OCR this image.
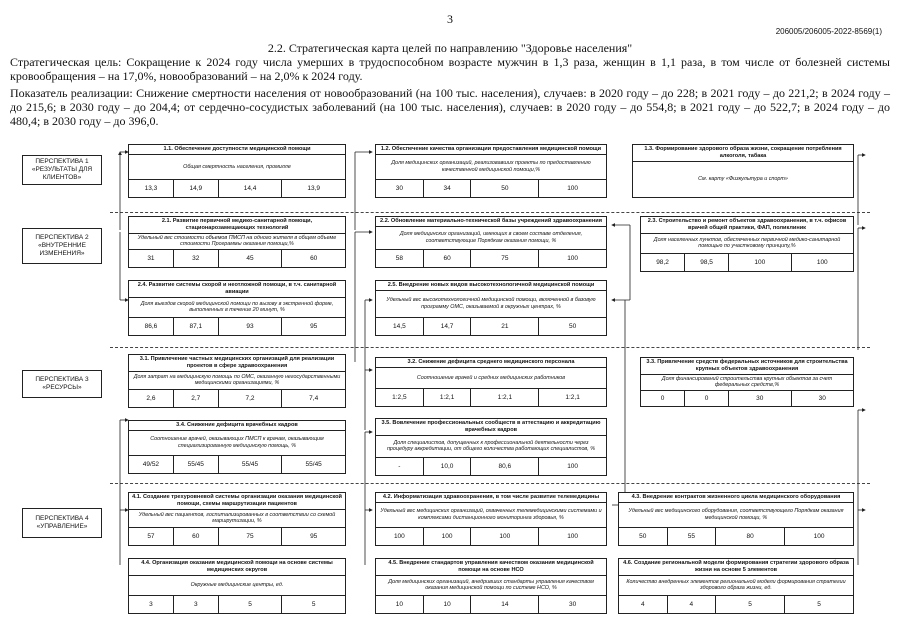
3
206005/206005-2022-8569(1)
2.2. Стратегическая карта целей по направлению "Здоровье населения"
Стратегическая цель: Сокращение к 2024 году числа умерших в трудоспособном возрасте мужчин в 1,3 раза, женщин в 1,1 раза, в том числе от болезней системы кровообращения – на 17,0%, новообразований – на 2,0% к 2024 году.
Показатель реализации: Снижение смертности населения от новообразований (на 100 тыс. населения), случаев: в 2020 году – до 228; в 2021 году – до 221,2; в 2024 году – до 215,6; в 2030 году – до 204,4; от сердечно-сосудистых заболеваний (на 100 тыс. населения), случаев: в 2020 году – до 554,8; в 2021 году – до 522,7; в 2024 году – до 480,4; в 2030 году – до 396,0.
ПЕРСПЕКТИВА 1 «РЕЗУЛЬТАТЫ ДЛЯ КЛИЕНТОВ»
ПЕРСПЕКТИВА 2 «ВНУТРЕННИЕ ИЗМЕНЕНИЯ»
ПЕРСПЕКТИВА 3 «РЕСУРСЫ»
ПЕРСПЕКТИВА 4 «УПРАВЛЕНИЕ»
1.1. Обеспечение доступности медицинской помощи
Общая смертность населения, промилле
13,3	14,9	14,4	13,9
1.2. Обеспечение качества организации предоставления медицинской помощи
Доля медицинских организаций, реализовавших проекты по предоставлению качественной медицинской помощи,%
30	34	50	100
1.3. Формирование здорового образа жизни, сокращение потребления алкоголя, табака
См. карту «Физкультура и спорт»
2.1. Развитие первичной медико-санитарной помощи, стационарозамещающих технологий
Удельный вес стоимости объемов ПМСП на одного жителя в общем объеме стоимости Программы оказания помощи,%
31	32	45	60
2.2. Обновление материально-технической базы учреждений здравоохранения
Доля медицинских организаций, имеющих в своем составе отделения, соответствующие Порядкам оказания помощи, %
58	60	75	100
2.3. Строительство и ремонт объектов здравоохранения, в т.ч. офисов врачей общей практики, ФАП, поликлиник
Доля населенных пунктов, обеспеченных первичной медико-санитарной помощью по участковому принципу,%
98,2	98,5	100	100
2.4. Развитие системы скорой и неотложной помощи, в т.ч. санитарной авиации
Доля выездов скорой медицинской помощи по вызову в экстренной форме, выполненных в течение 20 минут, %
86,6	87,1	93	95
2.5. Внедрение новых видов высокотехнологичной медицинской помощи
Удельный вес высокотехнологичной медицинской помощи, включенной в базовую программу ОМС, оказываемой в окружных центрах, %
14,5	14,7	21	50
3.1. Привлечение частных медицинских организаций для реализации проектов в сфере здравоохранения
Доля затрат на медицинскую помощь по ОМС, оказанную негосударственными медицинскими организациями, %
2,6	2,7	7,2	7,4
3.2. Снижение дефицита среднего медицинского персонала
Соотношение врачей и средних медицинских работников
1:2,5	1:2,1	1:2,1	1:2,1
3.3. Привлечение средств федеральных источников для строительства крупных объектов здравоохранения
Доля финансирований строительства крупных объектов за счет федеральных средств,%
0	0	30	30
3.4. Снижение дефицита врачебных кадров
Соотношение врачей, оказывающих ПМСП к врачам, оказывающим специализированную медицинскую помощь, %
49/52	55/45	55/45	55/45
3.5. Вовлечение профессиональных сообществ в аттестацию и аккредитацию врачебных кадров
Доля специалистов, допущенных к профессиональной деятельности через процедуру аккредитации, от общего количества работающих специалистов, %
-	10,0	80,6	100
4.1. Создание трехуровневой системы организации оказания медицинской помощи, схемы маршрутизации пациентов
Удельный вес пациентов, госпитализированных в соответствии со схемой маршрутизации, %
57	60	75	95
4.2. Информатизация здравоохранения, в том числе развитие телемедицины
Удельный вес медицинских организаций, охваченных телемедицинскими системами и комплексами дистанционного мониторинга здоровья, %
100	100	100	100
4.3. Внедрение контрактов жизненного цикла медицинского оборудования
Удельный вес медицинского оборудования, соответствующего Порядкам оказания медицинской помощи, %
50	55	80	100
4.4. Организация оказания медицинской помощи на основе системы медицинских округов
Окружные медицинские центры, ед.
3	3	5	5
4.5. Внедрение стандартов управления качеством оказания медицинской помощи на основе НСО
Доля медицинских организаций, внедривших стандарты управления качеством оказания медицинской помощи по системе НСО, %
10	10	14	30
4.6. Создание региональной модели формирования стратегии здорового образа жизни на основе 5 элементов
Количество внедренных элементов региональной модели формирования стратегии здорового образа жизни, ед.
4	4	5	5
